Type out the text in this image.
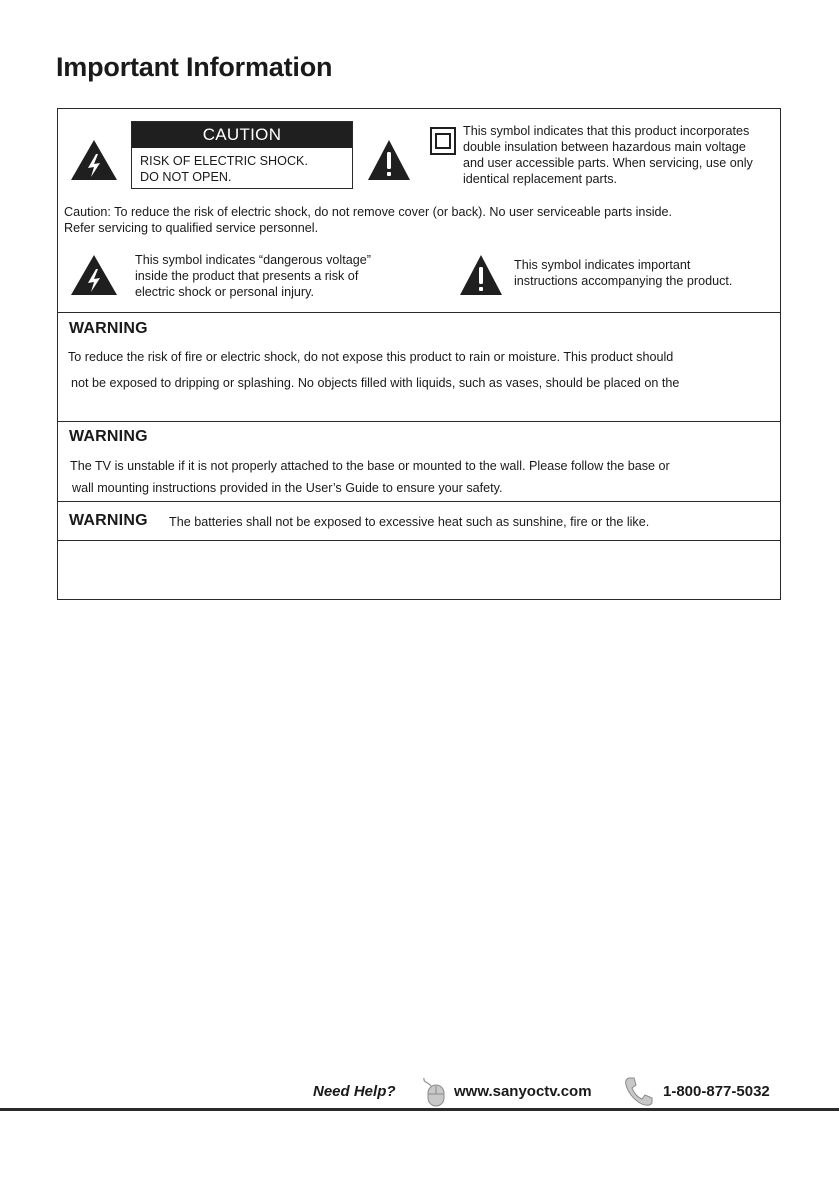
Important Information
CAUTION
RISK OF ELECTRIC SHOCK.
DO NOT OPEN.
This symbol indicates that this product incorporates
double insulation between hazardous main voltage
and user accessible parts. When servicing, use only
identical replacement parts.
Caution: To reduce the risk of electric shock, do not remove cover (or back). No user serviceable parts inside.
Refer servicing to qualified service personnel.
This symbol indicates “dangerous voltage”
inside the product that presents a risk of
electric shock or personal injury.
This symbol indicates important
instructions accompanying the product.
WARNING
To reduce the risk of fire or electric shock, do not expose this product to rain or moisture. This product should
not be exposed to dripping or splashing. No objects filled with liquids, such as vases, should be placed on the
WARNING
The TV is unstable if it is not properly attached to the base or mounted to the wall. Please follow the base or
wall mounting instructions provided in the User’s Guide to ensure your safety.
WARNING The batteries shall not be exposed to excessive heat such as sunshine, fire or the like.
Need Help?	www.sanyoctv.com	1-800-877-5032
